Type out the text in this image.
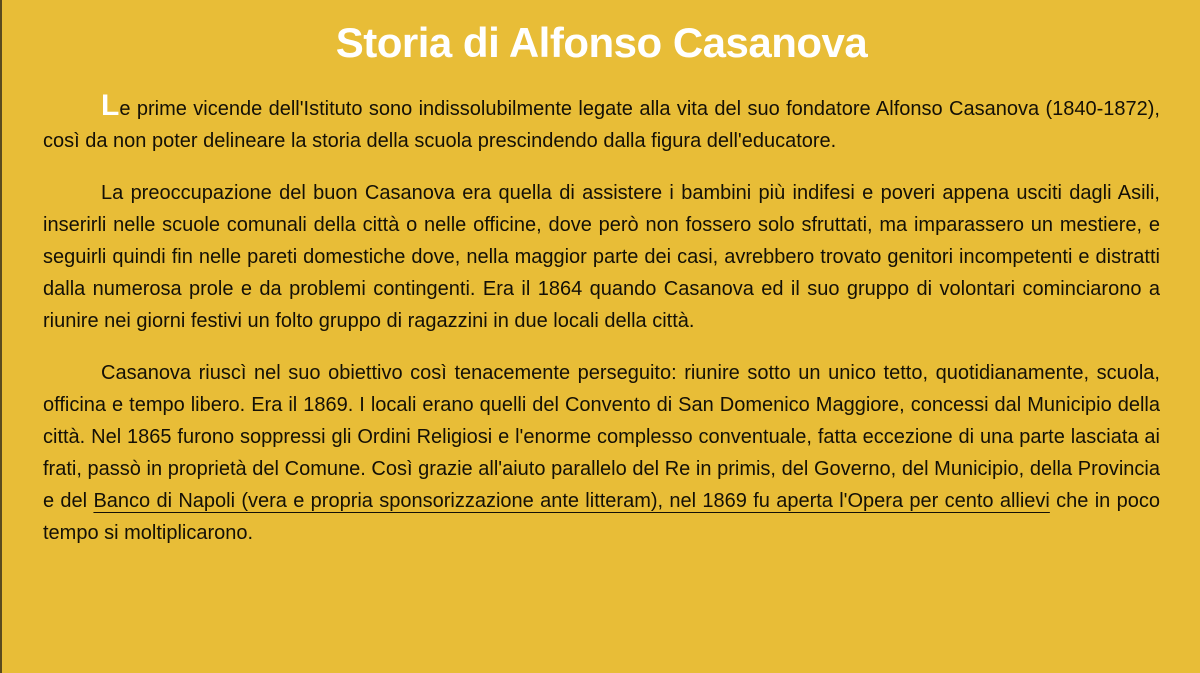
Storia di Alfonso Casanova

Le prime vicende dell'Istituto sono indissolubilmente legate alla vita del suo fondatore Alfonso Casanova (1840-1872), così da non poter delineare la storia della scuola prescindendo dalla figura dell'educatore.

La preoccupazione del buon Casanova era quella di assistere i bambini più indifesi e poveri appena usciti dagli Asili, inserirli nelle scuole comunali della città o nelle officine, dove però non fossero solo sfruttati, ma imparassero un mestiere, e seguirli quindi fin nelle pareti domestiche dove, nella maggior parte dei casi, avrebbero trovato genitori incompetenti e distratti dalla numerosa prole e da problemi contingenti. Era il 1864 quando Casanova ed il suo gruppo di volontari cominciarono a riunire nei giorni festivi un folto gruppo di ragazzini in due locali della città.

Casanova riuscì nel suo obiettivo così tenacemente perseguito: riunire sotto un unico tetto, quotidianamente, scuola, officina e tempo libero. Era il 1869. I locali erano quelli del Convento di San Domenico Maggiore, concessi dal Municipio della città. Nel 1865 furono soppressi gli Ordini Religiosi e l'enorme complesso conventuale, fatta eccezione di una parte lasciata ai frati, passò in proprietà del Comune. Così grazie all'aiuto parallelo del Re in primis, del Governo, del Municipio, della Provincia e del Banco di Napoli (vera e propria sponsorizzazione ante litteram), nel 1869 fu aperta l'Opera per cento allievi che in poco tempo si moltiplicarono.
